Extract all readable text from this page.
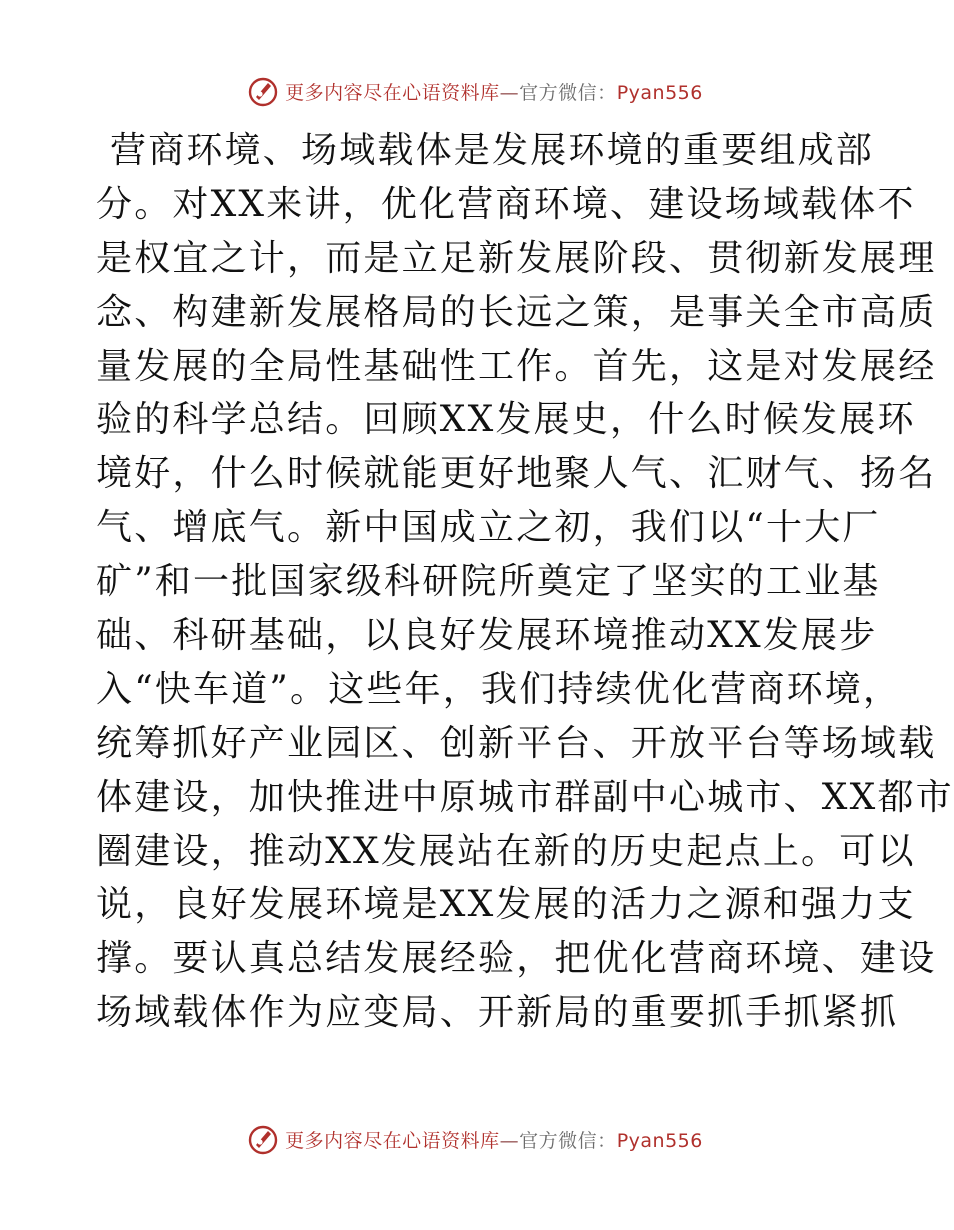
更多内容尽在心语资料库—官方微信：Pyan556
营商环境、场域载体是发展环境的重要组成部
分。对XX来讲，优化营商环境、建设场域载体不
是权宜之计，而是立足新发展阶段、贯彻新发展理
念、构建新发展格局的长远之策，是事关全市高质
量发展的全局性基础性工作。首先，这是对发展经
验的科学总结。回顾XX发展史，什么时候发展环
境好，什么时候就能更好地聚人气、汇财气、扬名
气、增底气。新中国成立之初，我们以“十大厂
矿”和一批国家级科研院所奠定了坚实的工业基
础、科研基础，以良好发展环境推动XX发展步
入“快车道”。这些年，我们持续优化营商环境，
统筹抓好产业园区、创新平台、开放平台等场域载
体建设，加快推进中原城市群副中心城市、XX都市
圈建设，推动XX发展站在新的历史起点上。可以
说，良好发展环境是XX发展的活力之源和强力支
撑。要认真总结发展经验，把优化营商环境、建设
场域载体作为应变局、开新局的重要抓手抓紧抓
更多内容尽在心语资料库—官方微信：Pyan556
